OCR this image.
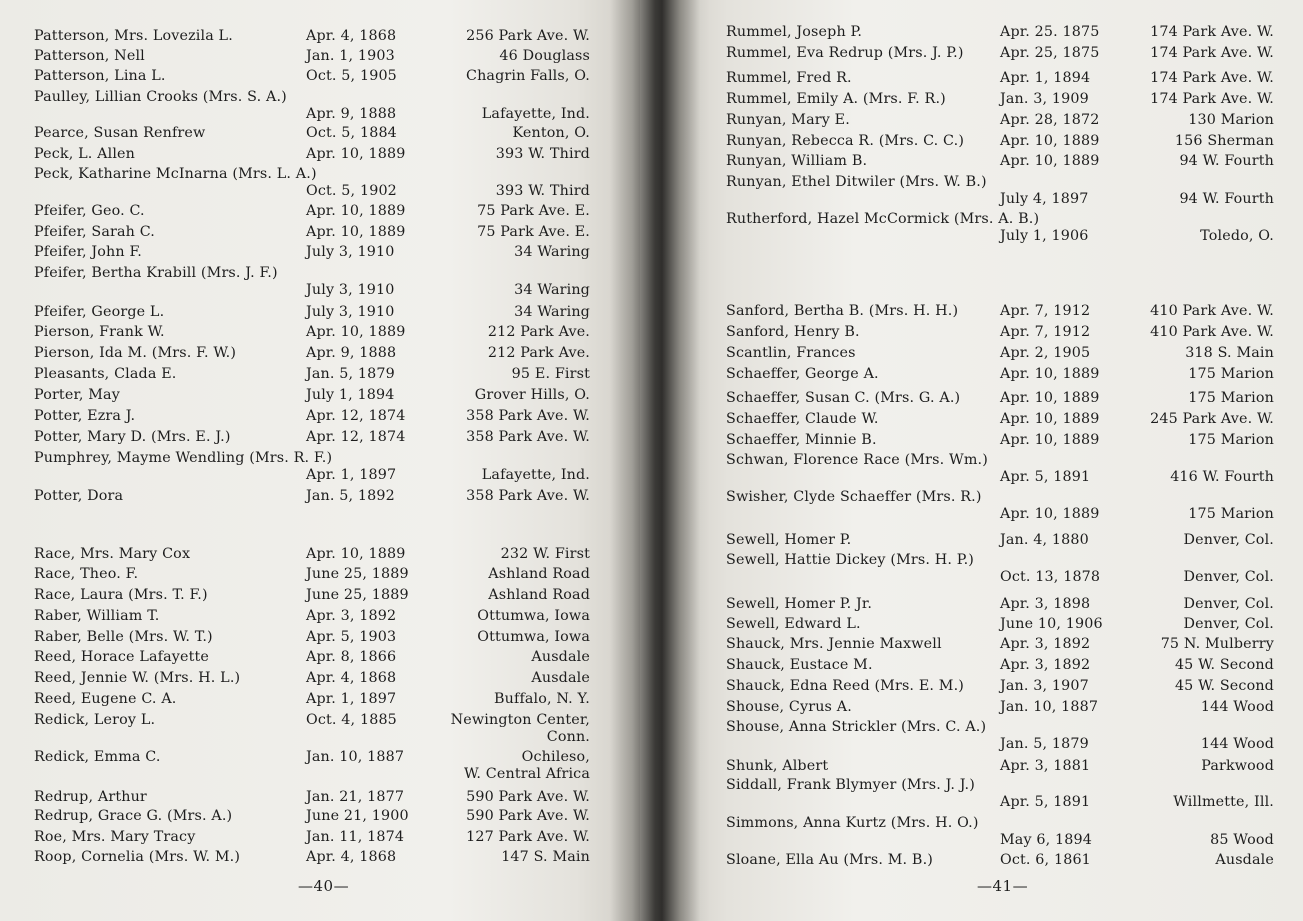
Patterson, Mrs. Lovezila L.	Apr. 4, 1868	256 Park Ave. W.
Patterson, Nell	Jan. 1, 1903	46 Douglass
Patterson, Lina L.	Oct. 5, 1905	Chagrin Falls, O.
Paulley, Lillian Crooks (Mrs. S. A.)
Apr. 9, 1888	Lafayette, Ind.
Pearce, Susan Renfrew	Oct. 5, 1884	Kenton, O.
Peck, L. Allen	Apr. 10, 1889	393 W. Third
Peck, Katharine McInarna (Mrs. L. A.)
Oct. 5, 1902	393 W. Third
Pfeifer, Geo. C.	Apr. 10, 1889	75 Park Ave. E.
Pfeifer, Sarah C.	Apr. 10, 1889	75 Park Ave. E.
Pfeifer, John F.	July 3, 1910	34 Waring
Pfeifer, Bertha Krabill (Mrs. J. F.)
July 3, 1910	34 Waring
Pfeifer, George L.	July 3, 1910	34 Waring
Pierson, Frank W.	Apr. 10, 1889	212 Park Ave.
Pierson, Ida M. (Mrs. F. W.)	Apr. 9, 1888	212 Park Ave.
Pleasants, Clada E.	Jan. 5, 1879	95 E. First
Porter, May	July 1, 1894	Grover Hills, O.
Potter, Ezra J.	Apr. 12, 1874	358 Park Ave. W.
Potter, Mary D. (Mrs. E. J.)	Apr. 12, 1874	358 Park Ave. W.
Pumphrey, Mayme Wendling (Mrs. R. F.)
Apr. 1, 1897	Lafayette, Ind.
Potter, Dora	Jan. 5, 1892	358 Park Ave. W.
Race, Mrs. Mary Cox	Apr. 10, 1889	232 W. First
Race, Theo. F.	June 25, 1889	Ashland Road
Race, Laura (Mrs. T. F.)	June 25, 1889	Ashland Road
Raber, William T.	Apr. 3, 1892	Ottumwa, Iowa
Raber, Belle (Mrs. W. T.)	Apr. 5, 1903	Ottumwa, Iowa
Reed, Horace Lafayette	Apr. 8, 1866	Ausdale
Reed, Jennie W. (Mrs. H. L.)	Apr. 4, 1868	Ausdale
Reed, Eugene C. A.	Apr. 1, 1897	Buffalo, N. Y.
Redick, Leroy L.	Oct. 4, 1885	Newington Center,
Conn.
Redick, Emma C.	Jan. 10, 1887	Ochileso,
W. Central Africa
Redrup, Arthur	Jan. 21, 1877	590 Park Ave. W.
Redrup, Grace G. (Mrs. A.)	June 21, 1900	590 Park Ave. W.
Roe, Mrs. Mary Tracy	Jan. 11, 1874	127 Park Ave. W.
Roop, Cornelia (Mrs. W. M.)	Apr. 4, 1868	147 S. Main
—40—
Rummel, Joseph P.	Apr. 25. 1875	174 Park Ave. W.
Rummel, Eva Redrup (Mrs. J. P.)	Apr. 25, 1875	174 Park Ave. W.
Rummel, Fred R.	Apr. 1, 1894	174 Park Ave. W.
Rummel, Emily A. (Mrs. F. R.)	Jan. 3, 1909	174 Park Ave. W.
Runyan, Mary E.	Apr. 28, 1872	130 Marion
Runyan, Rebecca R. (Mrs. C. C.)	Apr. 10, 1889	156 Sherman
Runyan, William B.	Apr. 10, 1889	94 W. Fourth
Runyan, Ethel Ditwiler (Mrs. W. B.)
July 4, 1897	94 W. Fourth
Rutherford, Hazel McCormick (Mrs. A. B.)
July 1, 1906	Toledo, O.
Sanford, Bertha B. (Mrs. H. H.)	Apr. 7, 1912	410 Park Ave. W.
Sanford, Henry B.	Apr. 7, 1912	410 Park Ave. W.
Scantlin, Frances	Apr. 2, 1905	318 S. Main
Schaeffer, George A.	Apr. 10, 1889	175 Marion
Schaeffer, Susan C. (Mrs. G. A.)	Apr. 10, 1889	175 Marion
Schaeffer, Claude W.	Apr. 10, 1889	245 Park Ave. W.
Schaeffer, Minnie B.	Apr. 10, 1889	175 Marion
Schwan, Florence Race (Mrs. Wm.)
Apr. 5, 1891	416 W. Fourth
Swisher, Clyde Schaeffer (Mrs. R.)
Apr. 10, 1889	175 Marion
Sewell, Homer P.	Jan. 4, 1880	Denver, Col.
Sewell, Hattie Dickey (Mrs. H. P.)
Oct. 13, 1878	Denver, Col.
Sewell, Homer P. Jr.	Apr. 3, 1898	Denver, Col.
Sewell, Edward L.	June 10, 1906	Denver, Col.
Shauck, Mrs. Jennie Maxwell	Apr. 3, 1892	75 N. Mulberry
Shauck, Eustace M.	Apr. 3, 1892	45 W. Second
Shauck, Edna Reed (Mrs. E. M.)	Jan. 3, 1907	45 W. Second
Shouse, Cyrus A.	Jan. 10, 1887	144 Wood
Shouse, Anna Strickler (Mrs. C. A.)
Jan. 5, 1879	144 Wood
Shunk, Albert	Apr. 3, 1881	Parkwood
Siddall, Frank Blymyer (Mrs. J. J.)
Apr. 5, 1891	Willmette, Ill.
Simmons, Anna Kurtz (Mrs. H. O.)
May 6, 1894	85 Wood
Sloane, Ella Au (Mrs. M. B.)	Oct. 6, 1861	Ausdale
—41—
